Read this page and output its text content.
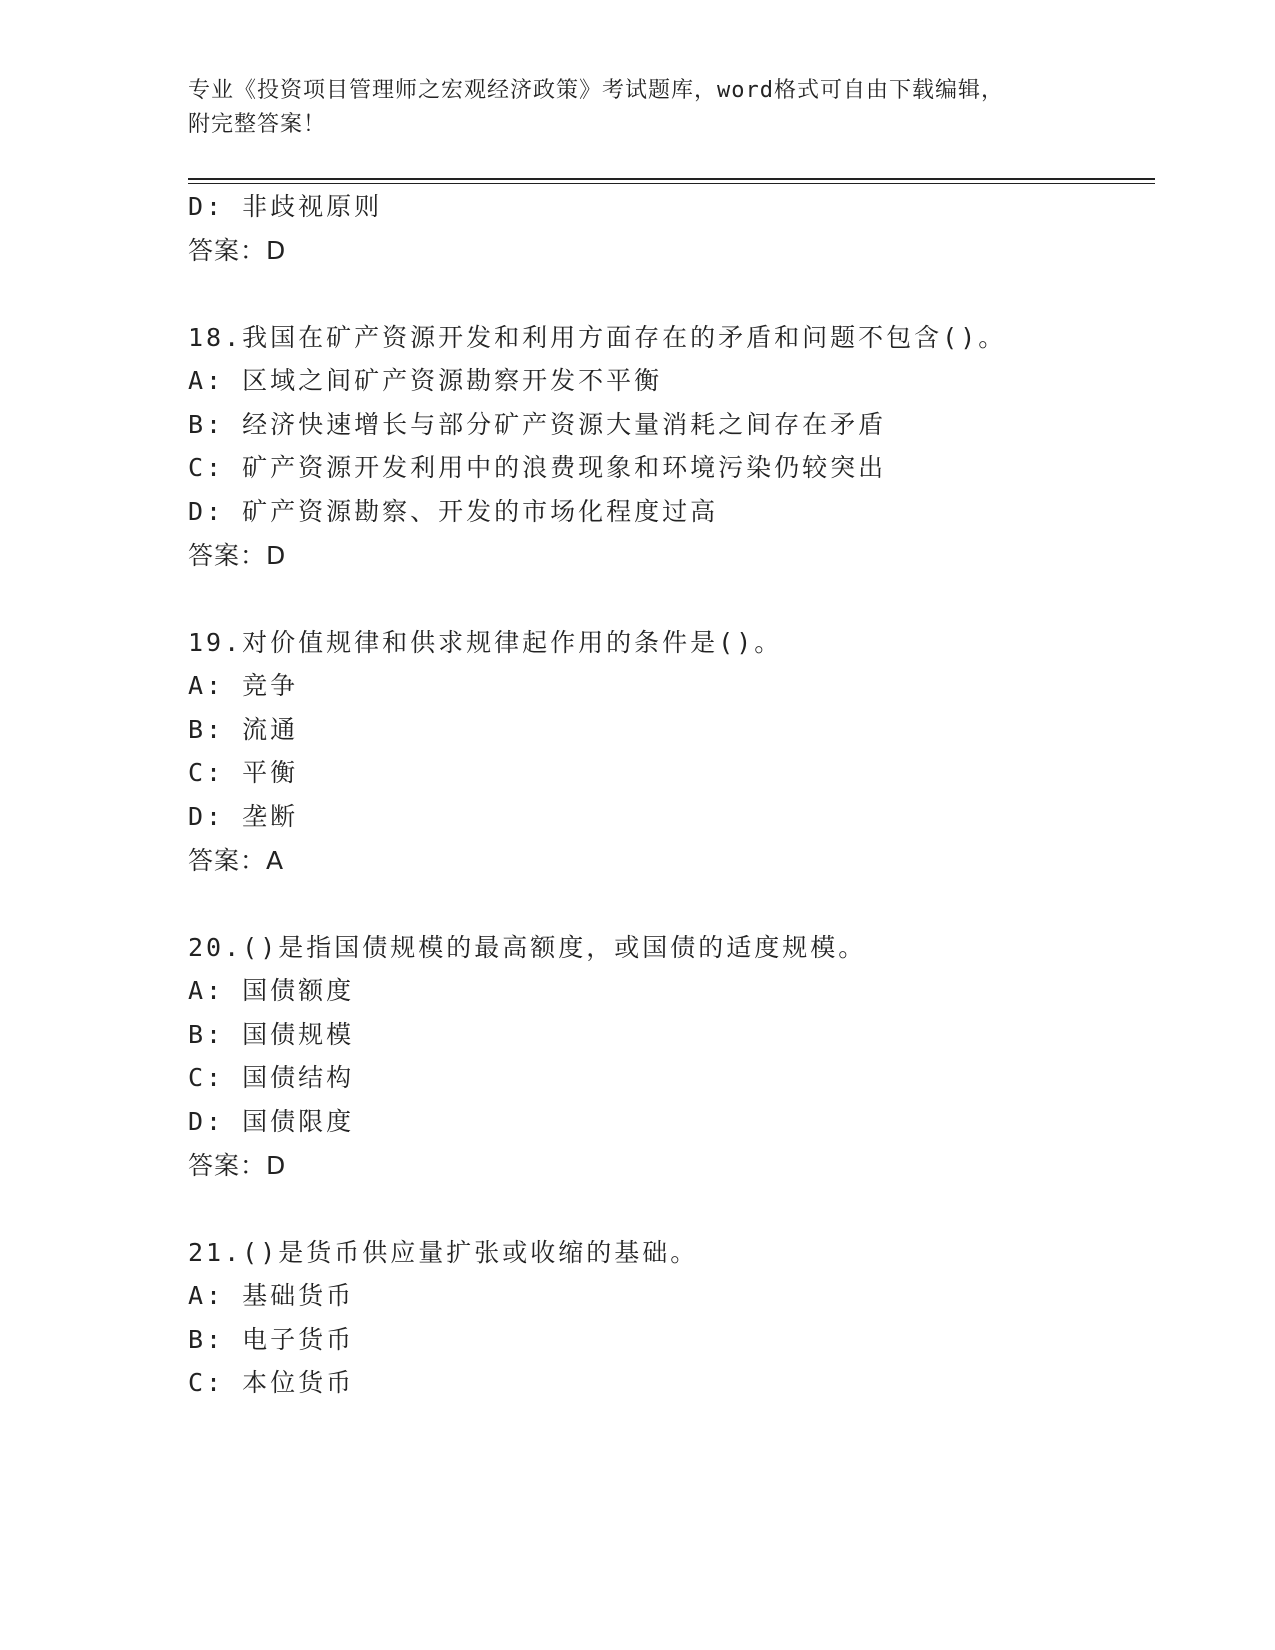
专业《投资项目管理师之宏观经济政策》考试题库，word格式可自由下载编辑，
附完整答案！
D: 非歧视原则
答案：D
18.我国在矿产资源开发和利用方面存在的矛盾和问题不包含()。
A: 区域之间矿产资源勘察开发不平衡
B: 经济快速增长与部分矿产资源大量消耗之间存在矛盾
C: 矿产资源开发利用中的浪费现象和环境污染仍较突出
D: 矿产资源勘察、开发的市场化程度过高
答案：D
19.对价值规律和供求规律起作用的条件是()。
A: 竞争
B: 流通
C: 平衡
D: 垄断
答案：A
20.()是指国债规模的最高额度，或国债的适度规模。
A: 国债额度
B: 国债规模
C: 国债结构
D: 国债限度
答案：D
21.()是货币供应量扩张或收缩的基础。
A: 基础货币
B: 电子货币
C: 本位货币
